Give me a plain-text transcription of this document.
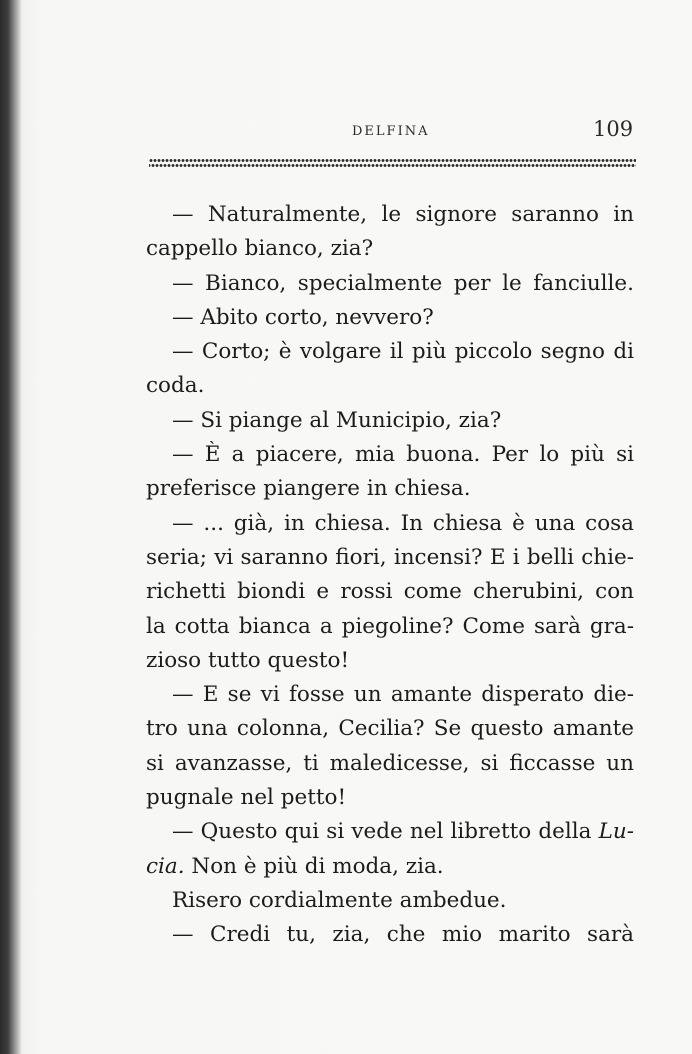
DELFINA	109
— Naturalmente, le signore saranno in
cappello bianco, zia?
— Bianco, specialmente per le fanciulle.
— Abito corto, nevvero?
— Corto; è volgare il più piccolo segno di
coda.
— Si piange al Municipio, zia?
— È a piacere, mia buona. Per lo più si
preferisce piangere in chiesa.
— ... già, in chiesa. In chiesa è una cosa
seria; vi saranno fiori, incensi? E i belli chie-
richetti biondi e rossi come cherubini, con
la cotta bianca a piegoline? Come sarà gra-
zioso tutto questo!
— E se vi fosse un amante disperato die-
tro una colonna, Cecilia? Se questo amante
si avanzasse, ti maledicesse, si ficcasse un
pugnale nel petto!
— Questo qui si vede nel libretto della Lu-
cia. Non è più di moda, zia.
Risero cordialmente ambedue.
— Credi tu, zia, che mio marito sarà
